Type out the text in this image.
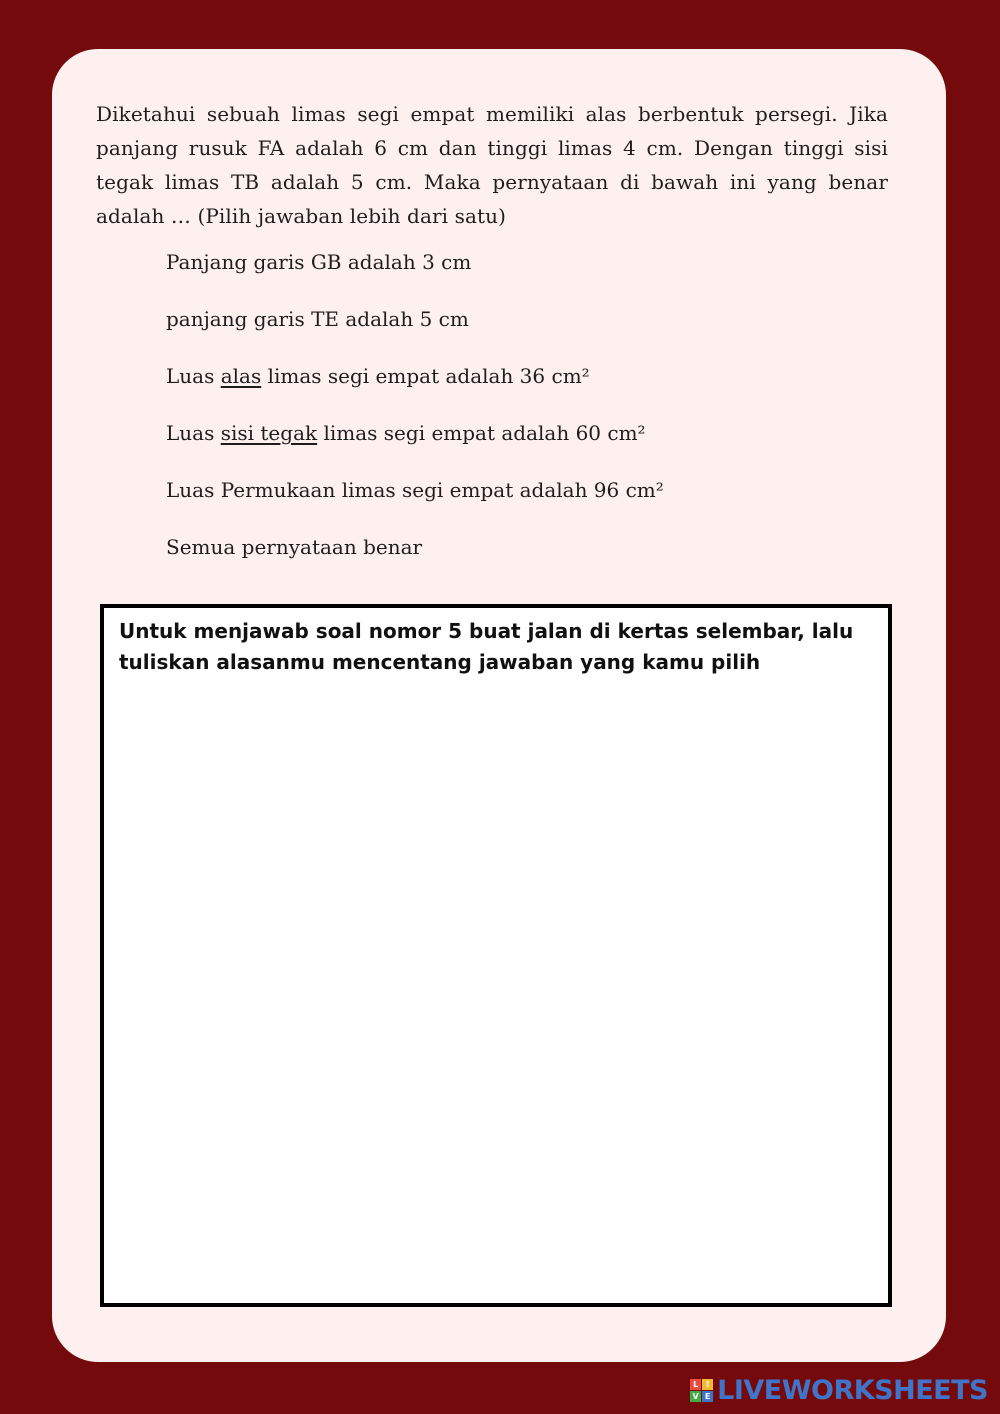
Diketahui sebuah limas segi empat memiliki alas berbentuk persegi. Jika panjang rusuk FA adalah 6 cm dan tinggi limas 4 cm. Dengan tinggi sisi tegak limas TB adalah 5 cm. Maka pernyataan di bawah ini yang benar adalah … (Pilih jawaban lebih dari satu)

Panjang garis GB adalah 3 cm
panjang garis TE adalah 5 cm
Luas alas limas segi empat adalah 36 cm²
Luas sisi tegak limas segi empat adalah 60 cm²
Luas Permukaan limas segi empat adalah 96 cm²
Semua pernyataan benar

Untuk menjawab soal nomor 5 buat jalan di kertas selembar, lalu tuliskan alasanmu mencentang jawaban yang kamu pilih

L I
V E LIVEWORKSHEETS
